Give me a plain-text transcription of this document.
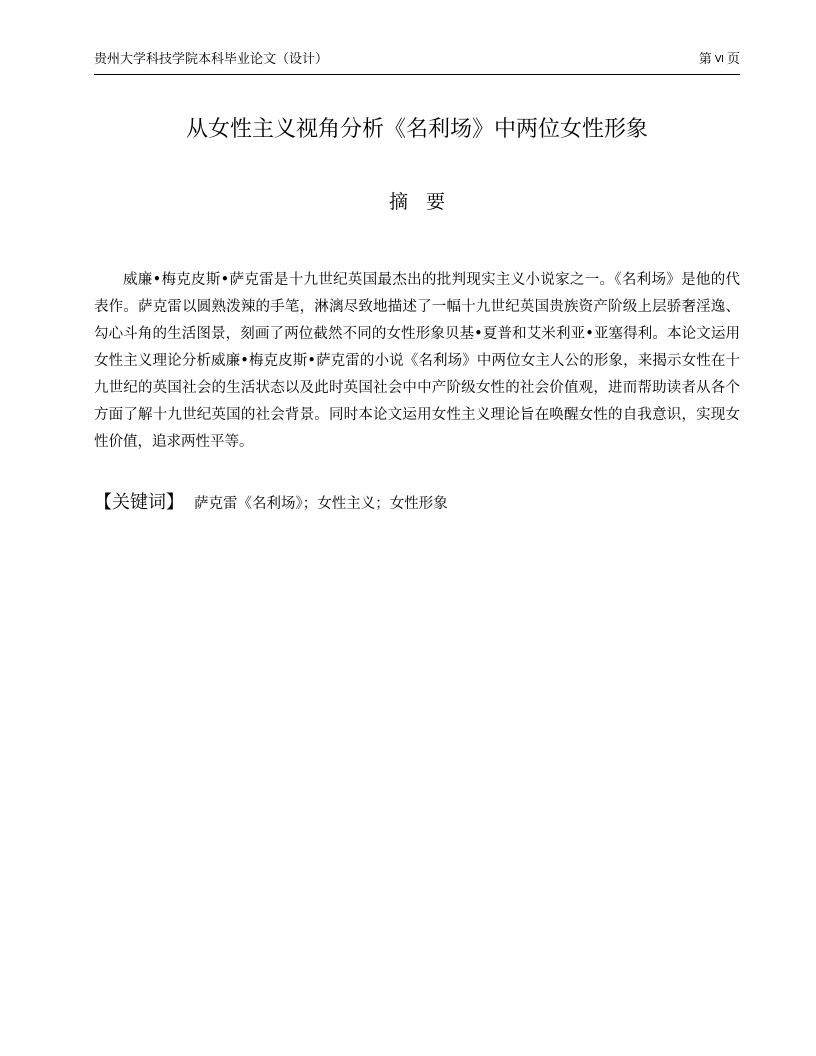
贵州大学科技学院本科毕业论文（设计）	第 Ⅵ 页
从女性主义视角分析《名利场》中两位女性形象
摘要

威廉•梅克皮斯•萨克雷是十九世纪英国最杰出的批判现实主义小说家之一。《名利场》是他的代表作。萨克雷以圆熟泼辣的手笔，淋漓尽致地描述了一幅十九世纪英国贵族资产阶级上层骄奢淫逸、勾心斗角的生活图景，刻画了两位截然不同的女性形象贝基•夏普和艾米利亚•亚塞得利。本论文运用女性主义理论分析威廉•梅克皮斯•萨克雷的小说《名利场》中两位女主人公的形象，来揭示女性在十九世纪的英国社会的生活状态以及此时英国社会中中产阶级女性的社会价值观，进而帮助读者从各个方面了解十九世纪英国的社会背景。同时本论文运用女性主义理论旨在唤醒女性的自我意识，实现女性价值，追求两性平等。

【关键词】 萨克雷《名利场》；女性主义；女性形象
